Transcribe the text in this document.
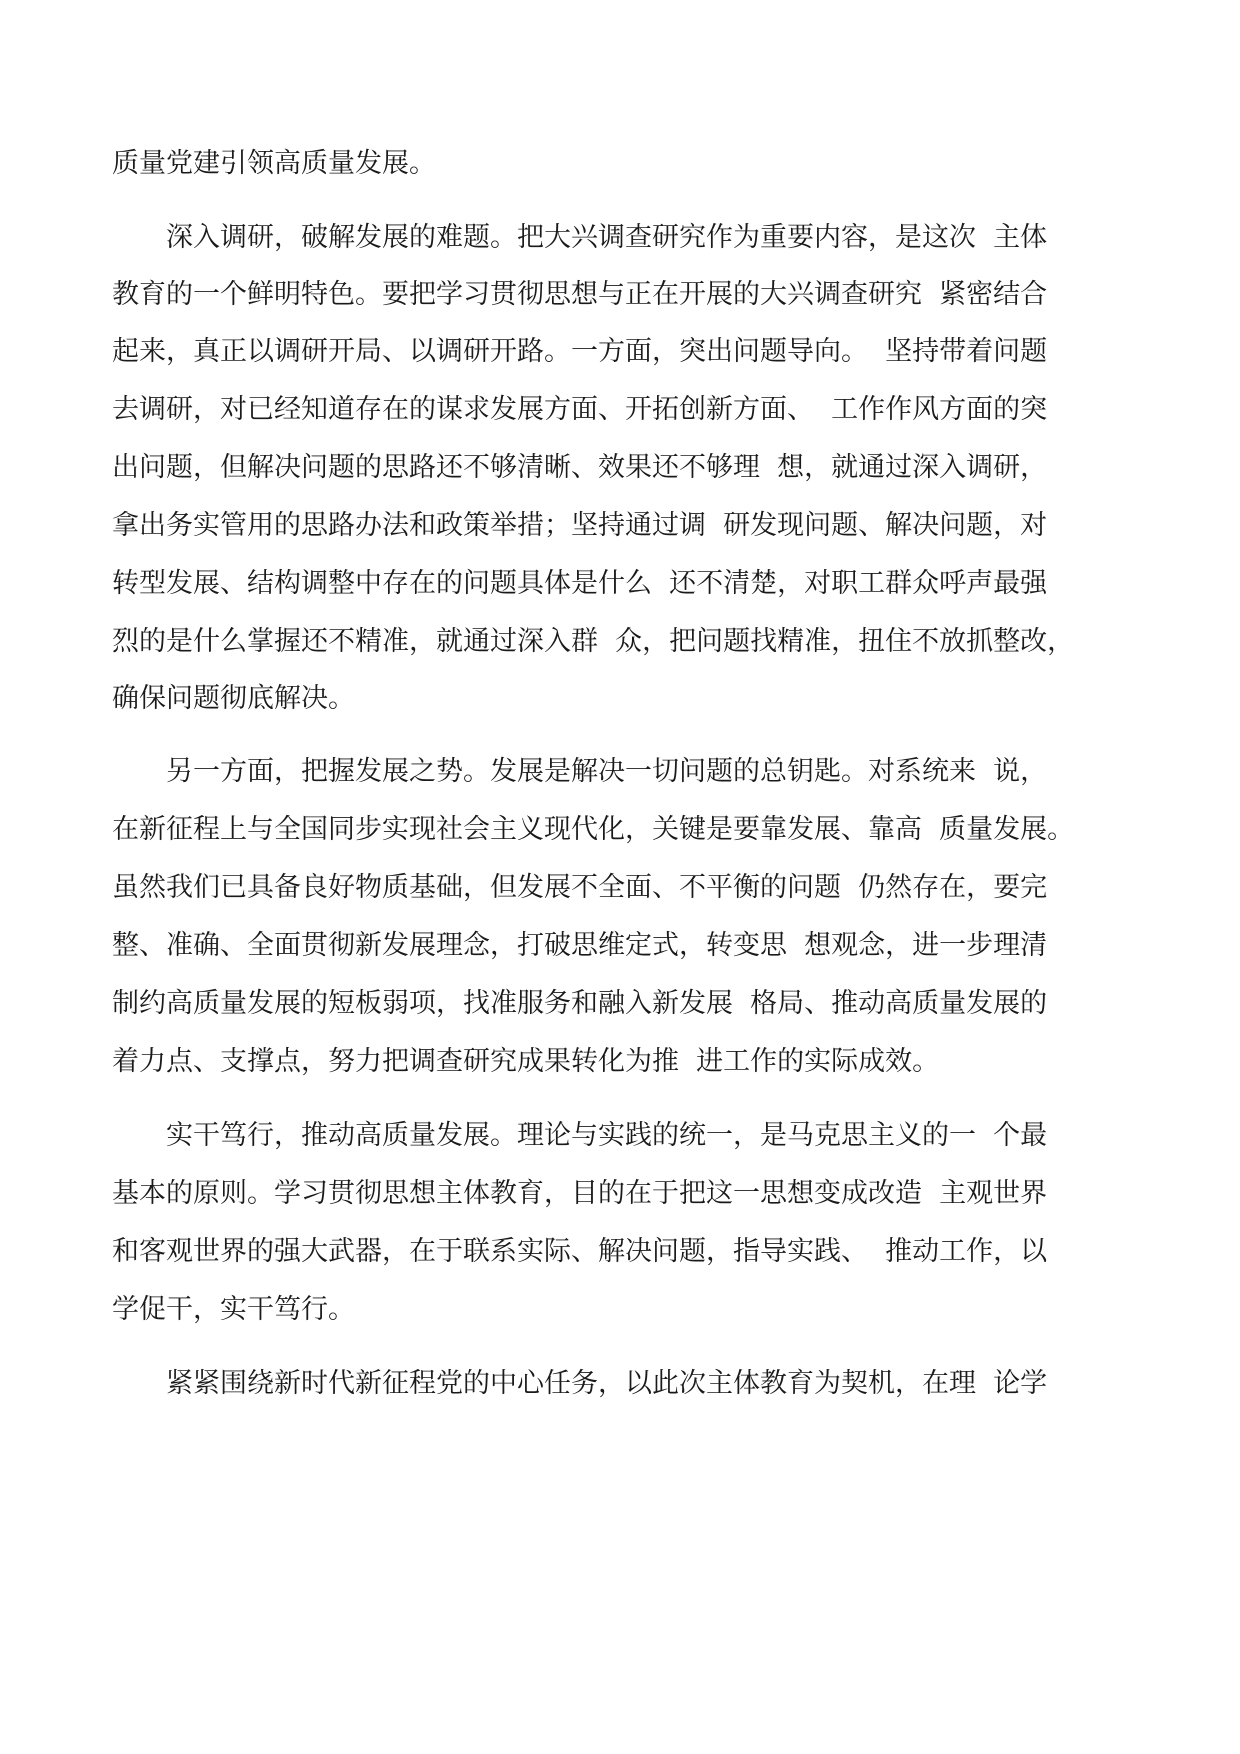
质量党建引领高质量发展。
深入调研，破解发展的难题。把大兴调查研究作为重要内容，是这次  主体
教育的一个鲜明特色。要把学习贯彻思想与正在开展的大兴调查研究  紧密结合
起来，真正以调研开局、以调研开路。一方面，突出问题导向。  坚持带着问题
去调研，对已经知道存在的谋求发展方面、开拓创新方面、  工作作风方面的突
出问题，但解决问题的思路还不够清晰、效果还不够理  想，就通过深入调研，
拿出务实管用的思路办法和政策举措；坚持通过调  研发现问题、解决问题，对
转型发展、结构调整中存在的问题具体是什么  还不清楚，对职工群众呼声最强
烈的是什么掌握还不精准，就通过深入群  众，把问题找精准，扭住不放抓整改，
确保问题彻底解决。
另一方面，把握发展之势。发展是解决一切问题的总钥匙。对系统来  说，
在新征程上与全国同步实现社会主义现代化，关键是要靠发展、靠高  质量发展。
虽然我们已具备良好物质基础，但发展不全面、不平衡的问题  仍然存在，要完
整、准确、全面贯彻新发展理念，打破思维定式，转变思  想观念，进一步理清
制约高质量发展的短板弱项，找准服务和融入新发展  格局、推动高质量发展的
着力点、支撑点，努力把调查研究成果转化为推  进工作的实际成效。
实干笃行，推动高质量发展。理论与实践的统一，是马克思主义的一  个最
基本的原则。学习贯彻思想主体教育，目的在于把这一思想变成改造  主观世界
和客观世界的强大武器，在于联系实际、解决问题，指导实践、  推动工作，以
学促干，实干笃行。
紧紧围绕新时代新征程党的中心任务，以此次主体教育为契机，在理  论学
